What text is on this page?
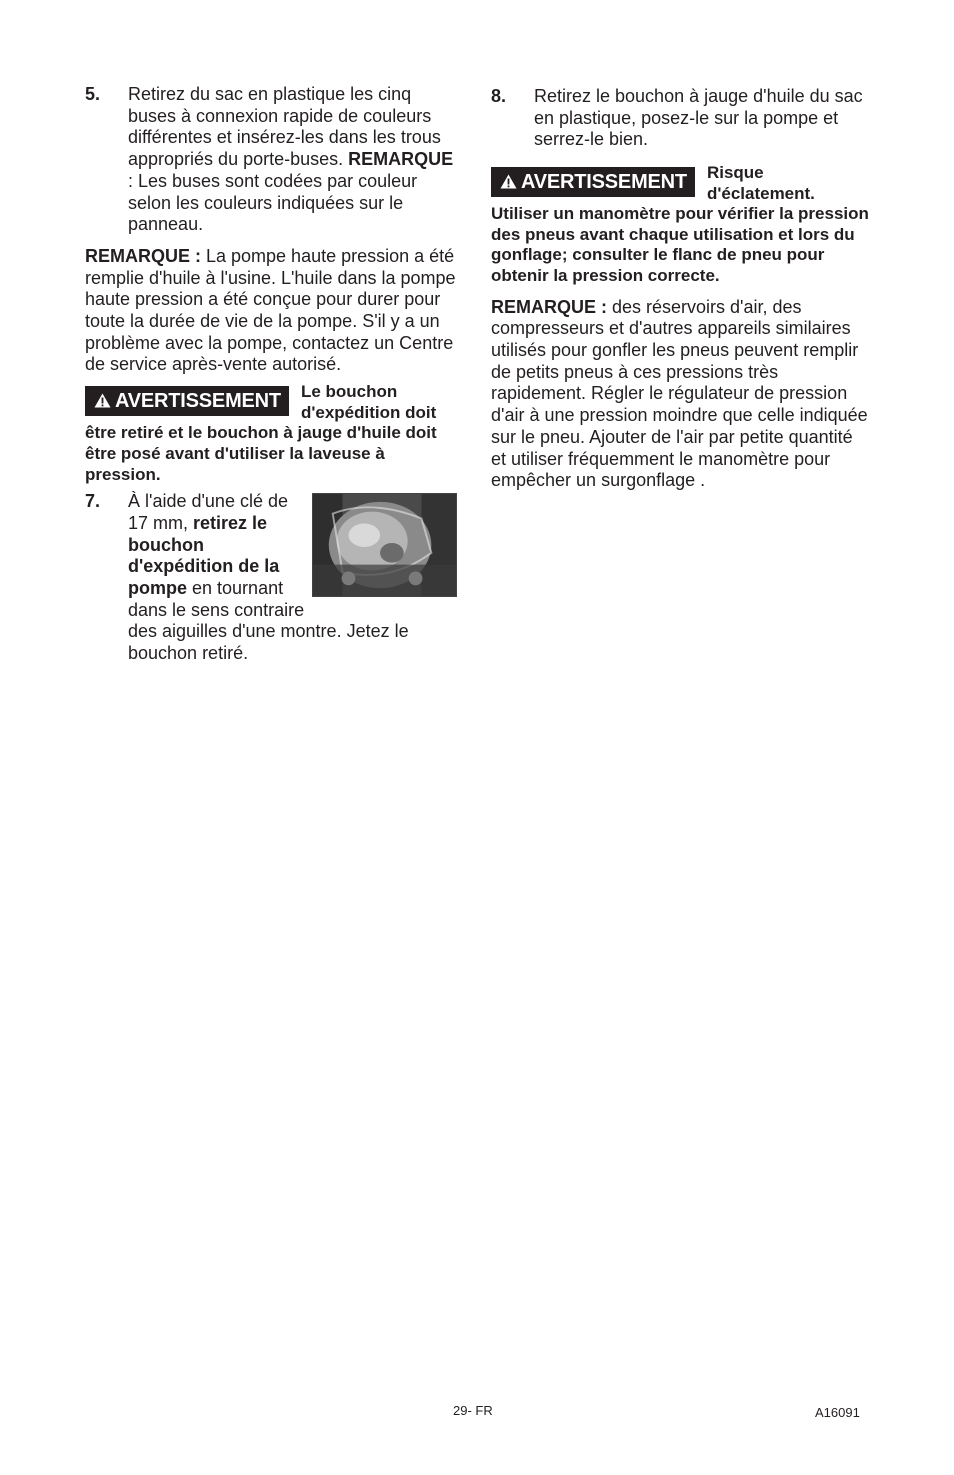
5.	Retirez du sac en plastique les cinq buses à connexion rapide de couleurs différentes et insérez-les dans les trous appropriés du porte-buses. REMARQUE : Les buses sont codées par couleur selon les couleurs indiquées sur le panneau.

REMARQUE : La pompe haute pression a été remplie d'huile à l'usine. L'huile dans la pompe haute pression a été conçue pour durer pour toute la durée de vie de la pompe. S'il y a un problème avec la pompe, contactez un Centre de service après-vente autorisé.

AVERTISSEMENT	Le bouchon d'expédition doit être retiré et le bouchon à jauge d'huile doit être posé avant d'utiliser la laveuse à pression.
7.	À l'aide d'une clé de 17 mm, retirez le bouchon d'expédition de la pompe en tournant dans le sens contraire des aiguilles d'une montre. Jetez le bouchon retiré.
8.	Retirez le bouchon à jauge d'huile du sac en plastique, posez-le sur la pompe et serrez-le bien.

AVERTISSEMENT	Risque d'éclatement. Utiliser un manomètre pour vérifier la pression des pneus avant chaque utilisation et lors du gonflage; consulter le flanc de pneu pour obtenir la pression correcte.

REMARQUE : des réservoirs d'air, des compresseurs et d'autres appareils similaires utilisés pour gonfler les pneus peuvent remplir de petits pneus à ces pressions très rapidement. Régler le régulateur de pression d'air à une pression moindre que celle indiquée sur le pneu. Ajouter de l'air par petite quantité et utiliser fréquemment le manomètre pour empêcher un surgonflage .

29- FR	A16091
